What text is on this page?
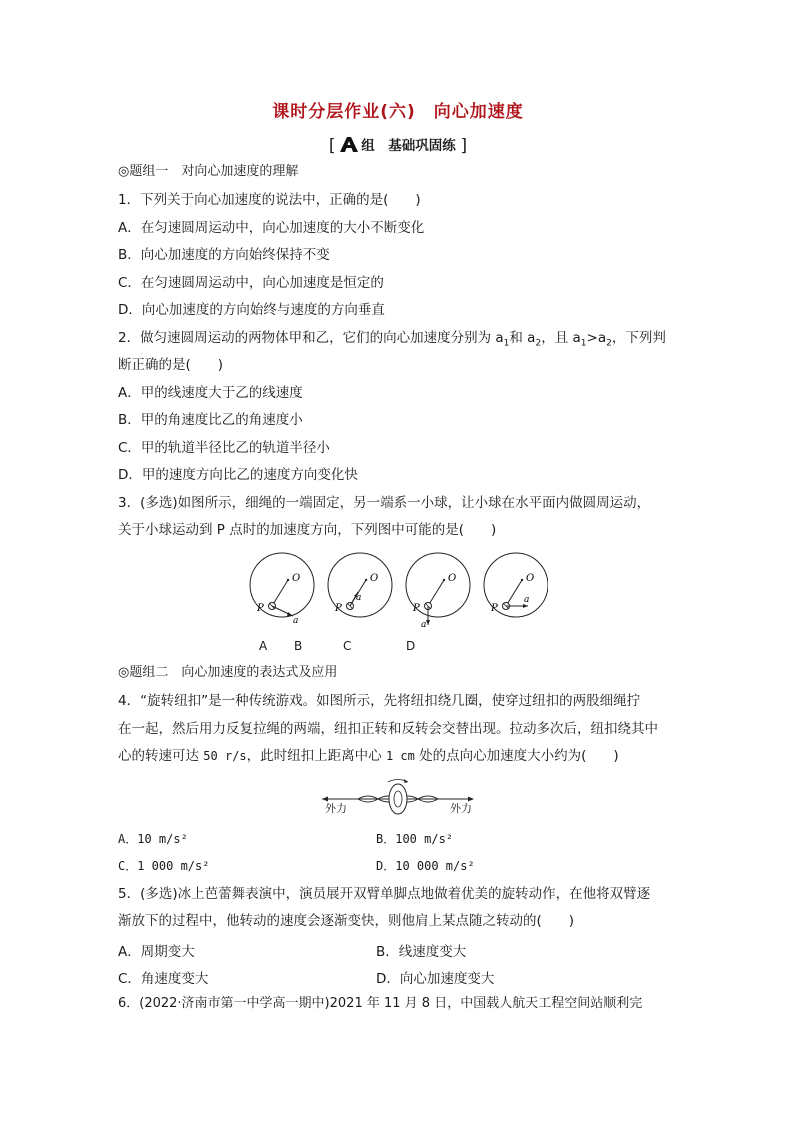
课时分层作业(六)　向心加速度
[ 组　基础巩固练 ]
◎题组一　对向心加速度的理解
1．下列关于向心加速度的说法中，正确的是(　　)
A．在匀速圆周运动中，向心加速度的大小不断变化
B．向心加速度的方向始终保持不变
C．在匀速圆周运动中，向心加速度是恒定的
D．向心加速度的方向始终与速度的方向垂直
2．做匀速圆周运动的两物体甲和乙，它们的向心加速度分别为 $a_1$和 $a_2$，且 $a_1>a_2$，下列判
断正确的是(　　)
A．甲的线速度大于乙的线速度
B．甲的角速度比乙的角速度小
C．甲的轨道半径比乙的轨道半径小
D．甲的速度方向比乙的速度方向变化快
3．(多选)如图所示，细绳的一端固定，另一端系一小球，让小球在水平面内做圆周运动，
关于小球运动到 P 点时的加速度方向，下列图中可能的是(　　)
O
P
a
O
P
a
O
P
a
O
P
a
A B	C	D
◎题组二　向心加速度的表达式及应用
4．“旋转纽扣”是一种传统游戏。如图所示，先将纽扣绕几圈，使穿过纽扣的两股细绳拧
在一起，然后用力反复拉绳的两端，纽扣正转和反转会交替出现。拉动多次后，纽扣绕其中
心的转速可达 50 r/s，此时纽扣上距离中心 1 cm 处的点向心加速度大小约为(　　)
外力	外力
A．10 m/s²	B．100 m/s²
C．1 000 m/s²	D．10 000 m/s²
5．(多选)冰上芭蕾舞表演中，演员展开双臂单脚点地做着优美的旋转动作，在他将双臂逐
渐放下的过程中，他转动的速度会逐渐变快，则他肩上某点随之转动的(　　)
A．周期变大	B．线速度变大
C．角速度变大	D．向心加速度变大
6．(2022·济南市第一中学高一期中)2021 年 11 月 8 日，中国载人航天工程空间站顺利完
